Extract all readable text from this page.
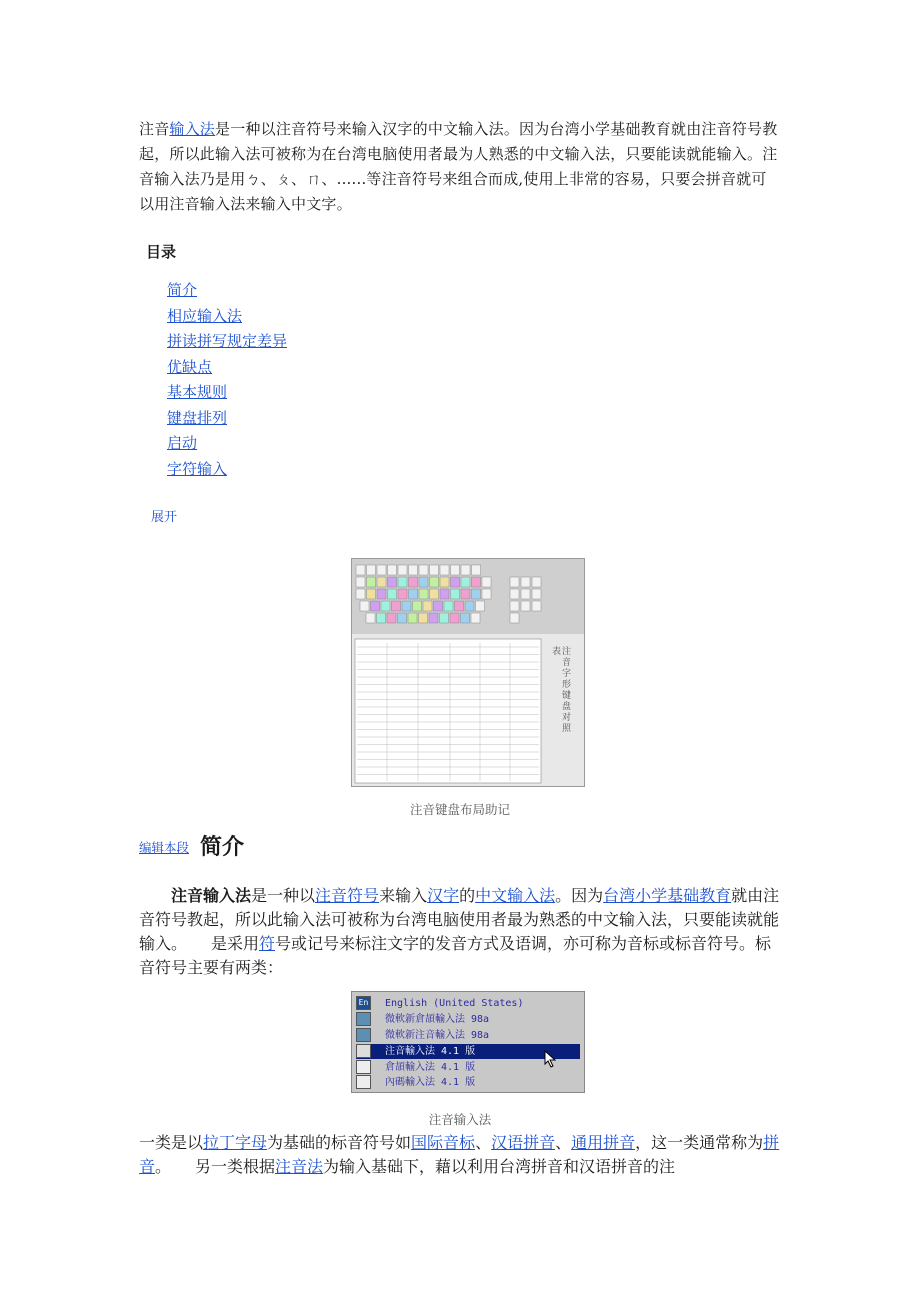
注音输入法是一种以注音符号来输入汉字的中文输入法。因为台湾小学基础教育就由注音符号教起，所以此输入法可被称为在台湾电脑使用者最为人熟悉的中文输入法，只要能读就能输入。注音输入法乃是用ㄅ、ㄆ、ㄇ、......等注音符号来组合而成,使用上非常的容易，只要会拼音就可以用注音输入法来输入中文字。
目录
简介
相应输入法
拼读拼写规定差异
优缺点
基本规则
键盘排列
启动
字符输入
展开
注音字形键盘对照表
注音键盘布局助记
编辑本段 简介
　　注音输入法是一种以注音符号来输入汉字的中文输入法。因为台湾小学基础教育就由注音符号教起，所以此输入法可被称为台湾电脑使用者最为熟悉的中文输入法，只要能读就能输入。　　是采用符号或记号来标注文字的发音方式及语调，亦可称为音标或标音符号。标音符号主要有两类：
En English (United States)
微軟新倉頡輸入法 98a
微軟新注音輸入法 98a
注音輸入法 4.1 版
倉頡輸入法 4.1 版
內碼輸入法 4.1 版
注音输入法
一类是以拉丁字母为基础的标音符号如国际音标、汉语拼音、通用拼音，这一类通常称为拼音。　　另一类根据注音法为输入基础下，藉以利用台湾拼音和汉语拼音的注
